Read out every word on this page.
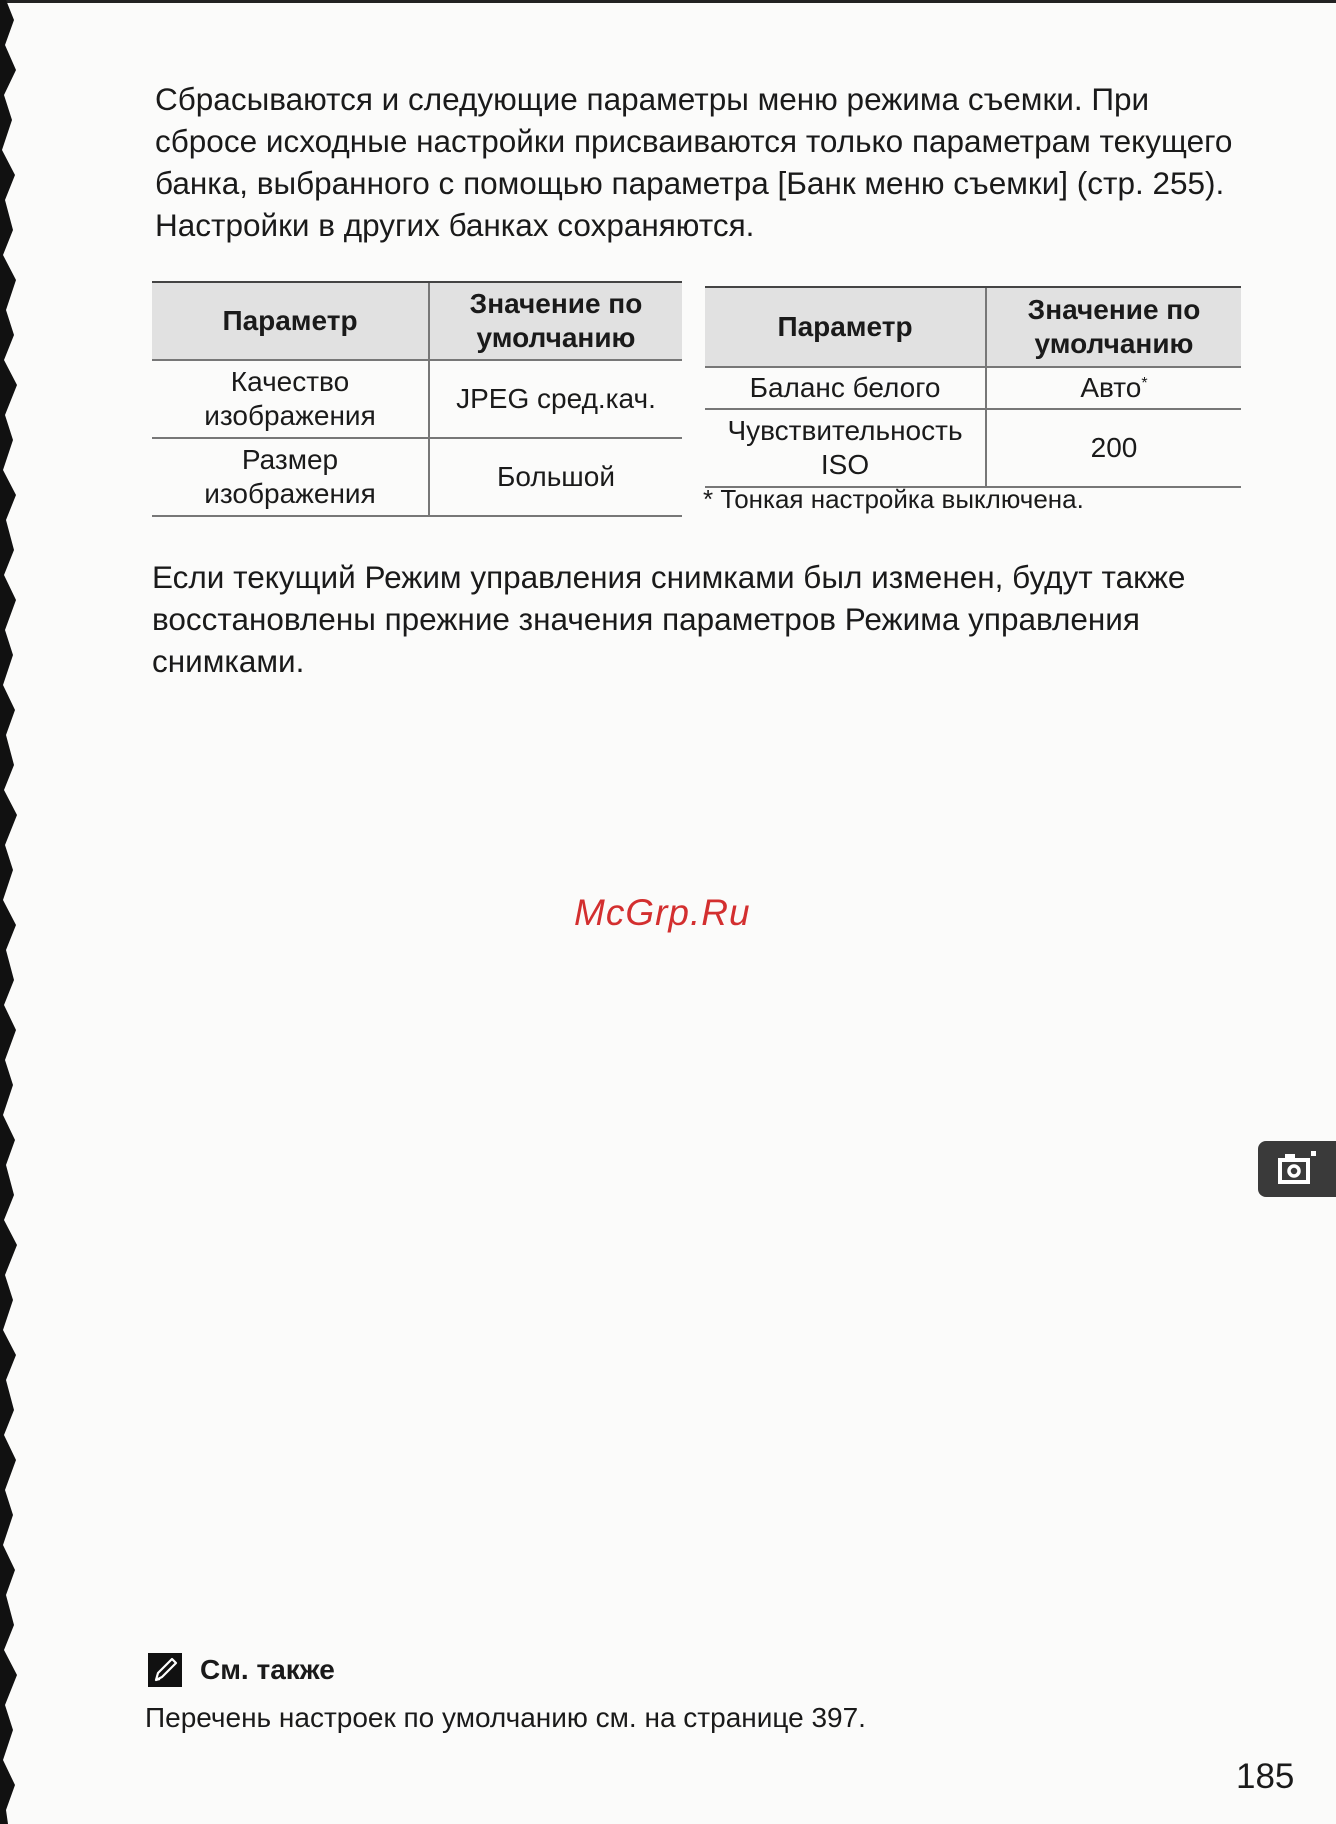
Сбрасываются и следующие параметры меню режима съемки. При сбросе исходные настройки присваиваются только параметрам текущего банка, выбранного с помощью параметра [Банк меню съемки] (стр. 255). Настройки в других банках сохраняются.

Параметр	Значение по умолчанию
Качество изображения	JPEG сред.кач.
Размер изображения	Большой
Параметр	Значение по умолчанию
Баланс белого	Авто*
Чувствительность ISO	200

* Тонкая настройка выключена.

Если текущий Режим управления снимками был изменен, будут также восстановлены прежние значения параметров Режима управления снимками.

McGrp.Ru

См. также

Перечень настроек по умолчанию см. на странице 397.

185
